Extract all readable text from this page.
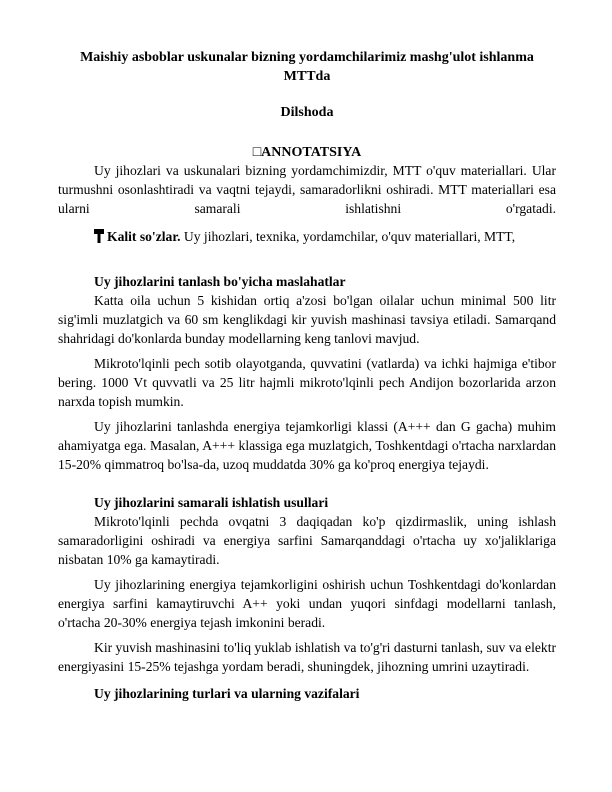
Maishiy asboblar uskunalar bizning yordamchilarimiz mashg'ulot ishlanma MTTda
Dilshoda
□ANNOTATSIYA

Uy jihozlari va uskunalari bizning yordamchimizdir, MTT o'quv materiallari. Ular turmushni osonlashtiradi va vaqtni tejaydi, samaradorlikni oshiradi. MTT materiallari esa ularni samarali ishlatishni o'rgatadi.

Kalit so'zlar. Uy jihozlari, texnika, yordamchilar, o'quv materiallari, MTT,
Uy jihozlarini tanlash bo'yicha maslahatlar

Katta oila uchun 5 kishidan ortiq a'zosi bo'lgan oilalar uchun minimal 500 litr sig'imli muzlatgich va 60 sm kenglikdagi kir yuvish mashinasi tavsiya etiladi. Samarqand shahridagi do'konlarda bunday modellarning keng tanlovi mavjud.

Mikroto'lqinli pech sotib olayotganda, quvvatini (vatlarda) va ichki hajmiga e'tibor bering. 1000 Vt quvvatli va 25 litr hajmli mikroto'lqinli pech Andijon bozorlarida arzon narxda topish mumkin.

Uy jihozlarini tanlashda energiya tejamkorligi klassi (A+++ dan G gacha) muhim ahamiyatga ega. Masalan, A+++ klassiga ega muzlatgich, Toshkentdagi o'rtacha narxlardan 15-20% qimmatroq bo'lsa-da, uzoq muddatda 30% ga ko'proq energiya tejaydi.

Uy jihozlarini samarali ishlatish usullari

Mikroto'lqinli pechda ovqatni 3 daqiqadan ko'p qizdirmaslik, uning ishlash samaradorligini oshiradi va energiya sarfini Samarqanddagi o'rtacha uy xo'jaliklariga nisbatan 10% ga kamaytiradi.

Uy jihozlarining energiya tejamkorligini oshirish uchun Toshkentdagi do'konlardan energiya sarfini kamaytiruvchi A++ yoki undan yuqori sinfdagi modellarni tanlash, o'rtacha 20-30% energiya tejash imkonini beradi.

Kir yuvish mashinasini to'liq yuklab ishlatish va to'g'ri dasturni tanlash, suv va elektr energiyasini 15-25% tejashga yordam beradi, shuningdek, jihozning umrini uzaytiradi.

Uy jihozlarining turlari va ularning vazifalari
